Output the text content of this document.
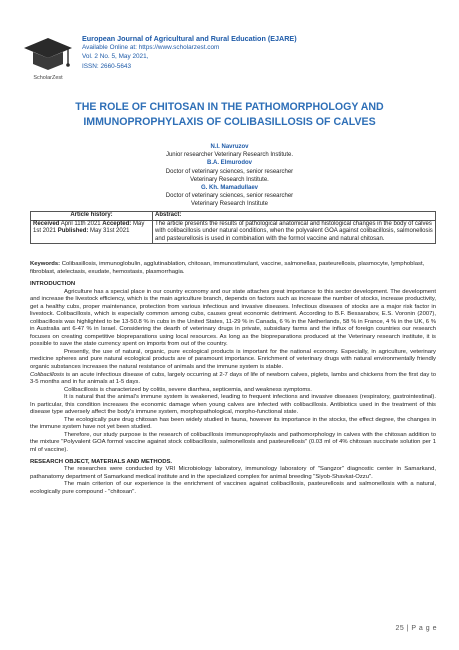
ScholarZest
European Journal of Agricultural and Rural Education (EJARE)
Available Online at: https://www.scholarzest.com
Vol. 2 No. 5, May 2021,
ISSN: 2660-5643
THE ROLE OF CHITOSAN IN THE PATHOMORPHOLOGY AND IMMUNOPROPHYLAXIS OF COLIBASILLOSIS OF CALVES
N.I. Navruzov
Junior researcher Veterinary Research Institute.
B.A. Elmurodov
Doctor of veterinary sciences, senior researcher
Veterinary Research Institute.
G. Kh. Mamadullaev
Doctor of veterinary sciences, senior researcher
Veterinary Research Institute
Article history:	Abstract:
Received April 11th 2021 Accepted: May 1st 2021 Published: May 31st 2021	The article presents the results of pathological anatomical and histological changes in the body of calves with colibacillosis under natural conditions, when the polyvalent GOA against colibacillosis, salmonellosis and pasteurellosis is used in combination with the formol vaccine and natural chitosan.
Keywords: Colibasillosis, immunoglobulin, agglutinablation, chitosan, immunostimulant, vaccine, salmonellas, pasteurellosis, plasmocyte, lymphoblast, fibroblast, atelectasis, exudate, hemostasis, plasmorrhagia.

INTRODUCTION

Agriculture has a special place in our country economy and our state attaches great importance to this sector development. The development and increase the livestock efficiency, which is the main agriculture branch, depends on factors such as increase the number of stocks, increase productivity, get a healthy cubs, proper maintenance, protection from various infectious and invasive diseases. Infectious diseases of stocks are a major risk factor in livestock. Colibacillosis, which is especially common among cubs, causes great economic detriment. According to B.F. Bessarabov, E.S. Voronin (2007), colibacillosis was highlighted to be 13-50.8 % in cubs in the United States, 11-29 % in Canada, 6 % in the Netherlands, 58 % in France, 4 % in the UK, 6 % in Australia ant 6-47 % in Israel. Considering the dearth of veterinary drugs in private, subsidiary farms and the influx of foreign countries our research focuses on creating competitive biopreparations using local resources. As long as the biopreparations produced at the Veterinary research institute, it is possible to save the state currency spent on imports from out of the country.

Presently, the use of natural, organic, pure ecological products is important for the national economy. Especially, in agriculture, veterinary medicine spheres and pure natural ecological products are of paramount importance. Enrichment of veterinary drugs with natural environmentally friendly organic substances increases the natural resistance of animals and the immune system is stable.

Colibacillosis is an acute infectious disease of cubs, largely occurring at 2-7 days of life of newborn calves, piglets, lambs and chickens from the first day to 3-5 months and in fur animals at 1-5 days.

Colibacillosis is characterized by colitis, severe diarrhea, septicemia, and weakness symptoms.

It is natural that the animal's immune system is weakened, leading to frequent infections and invasive diseases (respiratory, gastrointestinal). In particular, this condition increases the economic damage when young calves are infected with colibacillosis. Antibiotics used in the treatment of this disease type adversely affect the body's immune system, morphopathological, morpho-functional state.

The ecologically pure drug chitosan has been widely studied in fauna, however its importance in the stocks, the effect degree, the changes in the immune system have not yet been studied.

Therefore, our study purpose is the research of colibacillosis immunoprophylaxis and pathomorphology in calves with the chitosan addition to the mixture "Polyvalent GOA formol vaccine against stock colibacillosis, salmonellosis and pasteurellosis" (0.03 ml of 4% chitosan succinate solution per 1 ml of vaccine).

RESEARCH OBJECT, MATERIALS AND METHODS.

The researches were conducted by VRI Microbiology laboratory, immunology laboratory of "Sangzor" diagnostic center in Samarkand, pathanatomy department of Samarkand medical institute and in the specialized complex for animal breeding "Siyob-Shavkat-Ozzu".

The main criterion of our experience is the enrichment of vaccines against colibacillosis, pasteurellosis and salmonellosis with a natural, ecologically pure compound - "chitosan".

25 | P a g e
